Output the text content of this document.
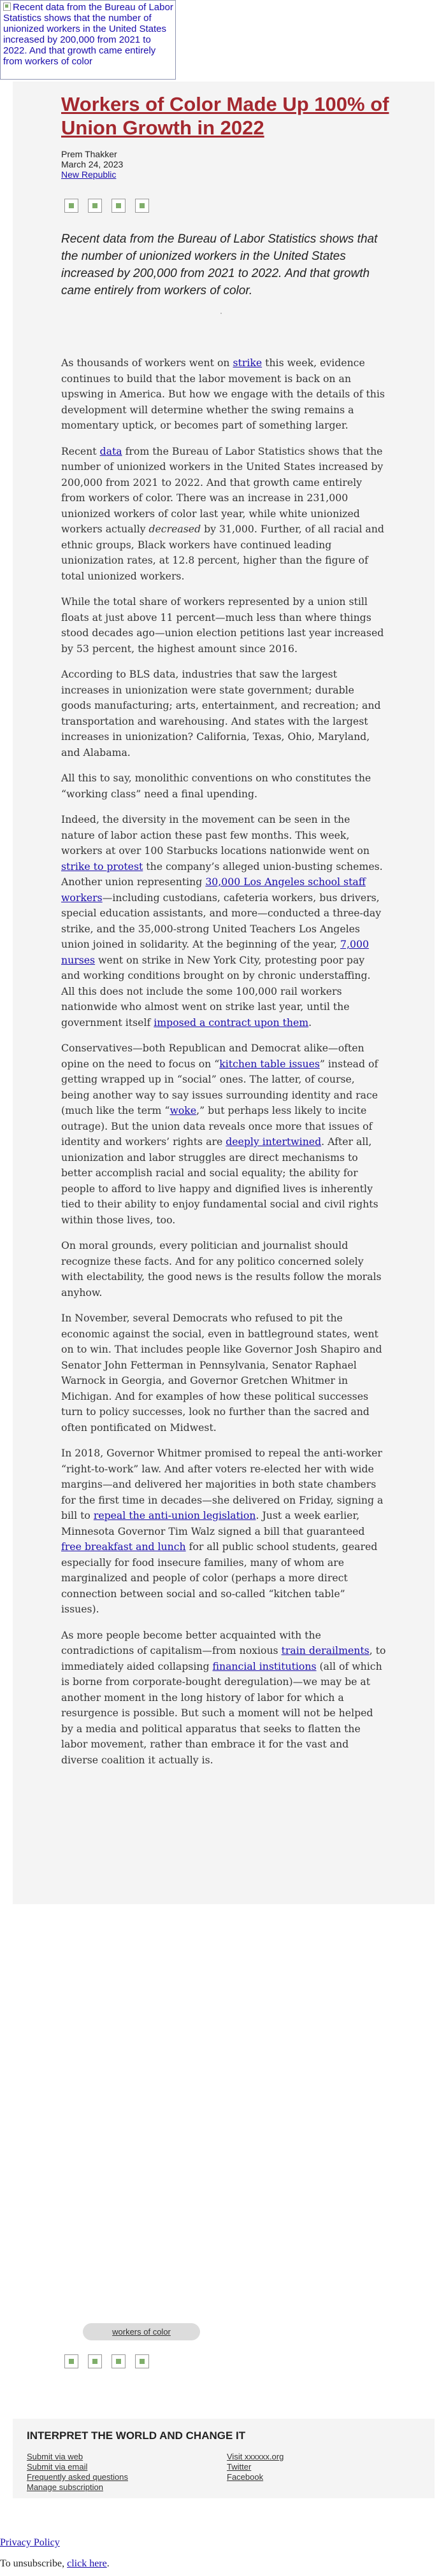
Recent data from the Bureau of Labor Statistics shows that the number of unionized workers in the United States increased by 200,000 from 2021 to 2022. And that growth came entirely from workers of color
Workers of Color Made Up 100% of Union Growth in 2022
Prem Thakker
March 24, 2023
New Republic

Recent data from the Bureau of Labor Statistics shows that the number of unionized workers in the United States increased by 200,000 from 2021 to 2022. And that growth came entirely from workers of color.

As thousands of workers went on strike this week, evidence continues to build that the labor movement is back on an upswing in America. But how we engage with the details of this development will determine whether the swing remains a momentary uptick, or becomes part of something larger.

Recent data from the Bureau of Labor Statistics shows that the number of unionized workers in the United States increased by 200,000 from 2021 to 2022. And that growth came entirely from workers of color. There was an increase in 231,000 unionized workers of color last year, while white unionized workers actually decreased by 31,000. Further, of all racial and ethnic groups, Black workers have continued leading unionization rates, at 12.8 percent, higher than the figure of total unionized workers.

While the total share of workers represented by a union still floats at just above 11 percent—much less than where things stood decades ago—union election petitions last year increased by 53 percent, the highest amount since 2016.

According to BLS data, industries that saw the largest increases in unionization were state government; durable goods manufacturing; arts, entertainment, and recreation; and transportation and warehousing. And states with the largest increases in unionization? California, Texas, Ohio, Maryland, and Alabama.

All this to say, monolithic conventions on who constitutes the “working class” need a final upending.

Indeed, the diversity in the movement can be seen in the nature of labor action these past few months. This week, workers at over 100 Starbucks locations nationwide went on strike to protest the company’s alleged union-busting schemes. Another union representing 30,000 Los Angeles school staff workers—including custodians, cafeteria workers, bus drivers, special education assistants, and more—conducted a three-day strike, and the 35,000-strong United Teachers Los Angeles union joined in solidarity. At the beginning of the year, 7,000 nurses went on strike in New York City, protesting poor pay and working conditions brought on by chronic understaffing. All this does not include the some 100,000 rail workers nationwide who almost went on strike last year, until the government itself imposed a contract upon them.

Conservatives—both Republican and Democrat alike—often opine on the need to focus on “kitchen table issues” instead of getting wrapped up in “social” ones. The latter, of course, being another way to say issues surrounding identity and race (much like the term “woke,” but perhaps less likely to incite outrage). But the union data reveals once more that issues of identity and workers’ rights are deeply intertwined. After all, unionization and labor struggles are direct mechanisms to better accomplish racial and social equality; the ability for people to afford to live happy and dignified lives is inherently tied to their ability to enjoy fundamental social and civil rights within those lives, too.

On moral grounds, every politician and journalist should recognize these facts. And for any politico concerned solely with electability, the good news is the results follow the morals anyhow.

In November, several Democrats who refused to pit the economic against the social, even in battleground states, went on to win. That includes people like Governor Josh Shapiro and Senator John Fetterman in Pennsylvania, Senator Raphael Warnock in Georgia, and Governor Gretchen Whitmer in Michigan. And for examples of how these political successes turn to policy successes, look no further than the sacred and often pontificated on Midwest.

In 2018, Governor Whitmer promised to repeal the anti-worker “right-to-work” law. And after voters re-elected her with wide margins—and delivered her majorities in both state chambers for the first time in decades—she delivered on Friday, signing a bill to repeal the anti-union legislation. Just a week earlier, Minnesota Governor Tim Walz signed a bill that guaranteed free breakfast and lunch for all public school students, geared especially for food insecure families, many of whom are marginalized and people of color (perhaps a more direct connection between social and so-called “kitchen table” issues).

As more people become better acquainted with the contradictions of capitalism—from noxious train derailments, to immediately aided collapsing financial institutions (all of which is borne from corporate-bought deregulation)—we may be at another moment in the long history of labor for which a resurgence is possible. But such a moment will not be helped by a media and political apparatus that seeks to flatten the labor movement, rather than embrace it for the vast and diverse coalition it actually is.

workers of color
INTERPRET THE WORLD AND CHANGE IT
Submit via web
Submit via email
Frequently asked questions
Manage subscription
Visit xxxxxx.org
Twitter
Facebook
Privacy Policy
To unsubscribe, click here.
